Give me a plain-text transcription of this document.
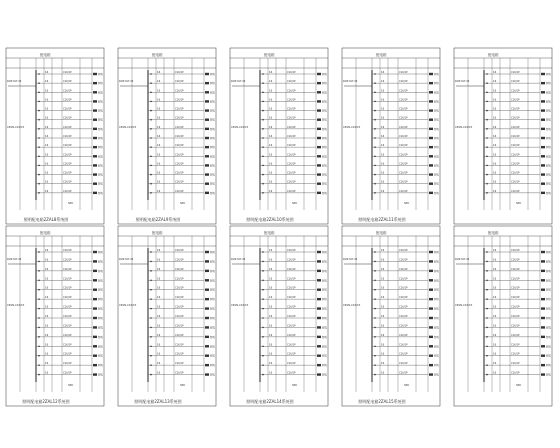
配电箱
DZ47LE-32
C65N-C16/1P
16	C16/1P
照明
16	C16/1P
照明
16	C16/1P
照明
16	C16/1P
照明
16	C16/1P
照明
16	C16/1P
照明
16	C16/1P
照明
16	C16/1P
照明
16	C16/1P
照明
16	C16/1P
照明
16	C16/1P
照明
16	C16/1P
照明
16	C16/1P
照明
16	C16/1P
照明
SPD
照明配电箱2ZAL8系统图
配电箱
DZ47LE-32
C65N-C16/1P
16	C16/1P
照明
16	C16/1P
照明
16	C16/1P
照明
16	C16/1P
照明
16	C16/1P
照明
16	C16/1P
照明
16	C16/1P
照明
16	C16/1P
照明
16	C16/1P
照明
16	C16/1P
照明
16	C16/1P
照明
16	C16/1P
照明
16	C16/1P
照明
16	C16/1P
照明
SPD
照明配电箱2ZAL9系统图
配电箱
DZ47LE-32
C65N-C16/1P
16	C16/1P
照明
16	C16/1P
照明
16	C16/1P
照明
16	C16/1P
照明
16	C16/1P
照明
16	C16/1P
照明
16	C16/1P
照明
16	C16/1P
照明
16	C16/1P
照明
16	C16/1P
照明
16	C16/1P
照明
16	C16/1P
照明
16	C16/1P
照明
16	C16/1P
照明
SPD
照明配电箱2ZAL10系统图
配电箱
DZ47LE-32
C65N-C16/1P
16	C16/1P
照明
16	C16/1P
照明
16	C16/1P
照明
16	C16/1P
照明
16	C16/1P
照明
16	C16/1P
照明
16	C16/1P
照明
16	C16/1P
照明
16	C16/1P
照明
16	C16/1P
照明
16	C16/1P
照明
16	C16/1P
照明
16	C16/1P
照明
16	C16/1P
照明
SPD
照明配电箱2ZAL11系统图
配电箱
DZ47LE-32
C65N-C16/1P
16	C16/1P
照明
16	C16/1P
照明
16	C16/1P
照明
16	C16/1P
照明
16	C16/1P
照明
16	C16/1P
照明
16	C16/1P
照明
16	C16/1P
照明
16	C16/1P
照明
16	C16/1P
照明
16	C16/1P
照明
16	C16/1P
照明
16	C16/1P
照明
16	C16/1P
照明
SPD
配电箱
DZ47LE-32
C65N-C16/1P
16	C16/1P
照明
16	C16/1P
照明
16	C16/1P
照明
16	C16/1P
照明
16	C16/1P
照明
16	C16/1P
照明
16	C16/1P
照明
16	C16/1P
照明
16	C16/1P
照明
16	C16/1P
照明
16	C16/1P
照明
16	C16/1P
照明
16	C16/1P
照明
16	C16/1P
照明
SPD
照明配电箱2ZAL12系统图
配电箱
DZ47LE-32
C65N-C16/1P
16	C16/1P
照明
16	C16/1P
照明
16	C16/1P
照明
16	C16/1P
照明
16	C16/1P
照明
16	C16/1P
照明
16	C16/1P
照明
16	C16/1P
照明
16	C16/1P
照明
16	C16/1P
照明
16	C16/1P
照明
16	C16/1P
照明
16	C16/1P
照明
16	C16/1P
照明
SPD
照明配电箱2ZAL13系统图
配电箱
DZ47LE-32
C65N-C16/1P
16	C16/1P
照明
16	C16/1P
照明
16	C16/1P
照明
16	C16/1P
照明
16	C16/1P
照明
16	C16/1P
照明
16	C16/1P
照明
16	C16/1P
照明
16	C16/1P
照明
16	C16/1P
照明
16	C16/1P
照明
16	C16/1P
照明
16	C16/1P
照明
16	C16/1P
照明
SPD
照明配电箱2ZAL14系统图
配电箱
DZ47LE-32
C65N-C16/1P
16	C16/1P
照明
16	C16/1P
照明
16	C16/1P
照明
16	C16/1P
照明
16	C16/1P
照明
16	C16/1P
照明
16	C16/1P
照明
16	C16/1P
照明
16	C16/1P
照明
16	C16/1P
照明
16	C16/1P
照明
16	C16/1P
照明
16	C16/1P
照明
16	C16/1P
照明
SPD
照明配电箱2ZAL15系统图
配电箱
DZ47LE-32
C65N-C16/1P
16	C16/1P
照明
16	C16/1P
照明
16	C16/1P
照明
16	C16/1P
照明
16	C16/1P
照明
16	C16/1P
照明
16	C16/1P
照明
16	C16/1P
照明
16	C16/1P
照明
16	C16/1P
照明
16	C16/1P
照明
16	C16/1P
照明
16	C16/1P
照明
16	C16/1P
照明
SPD
